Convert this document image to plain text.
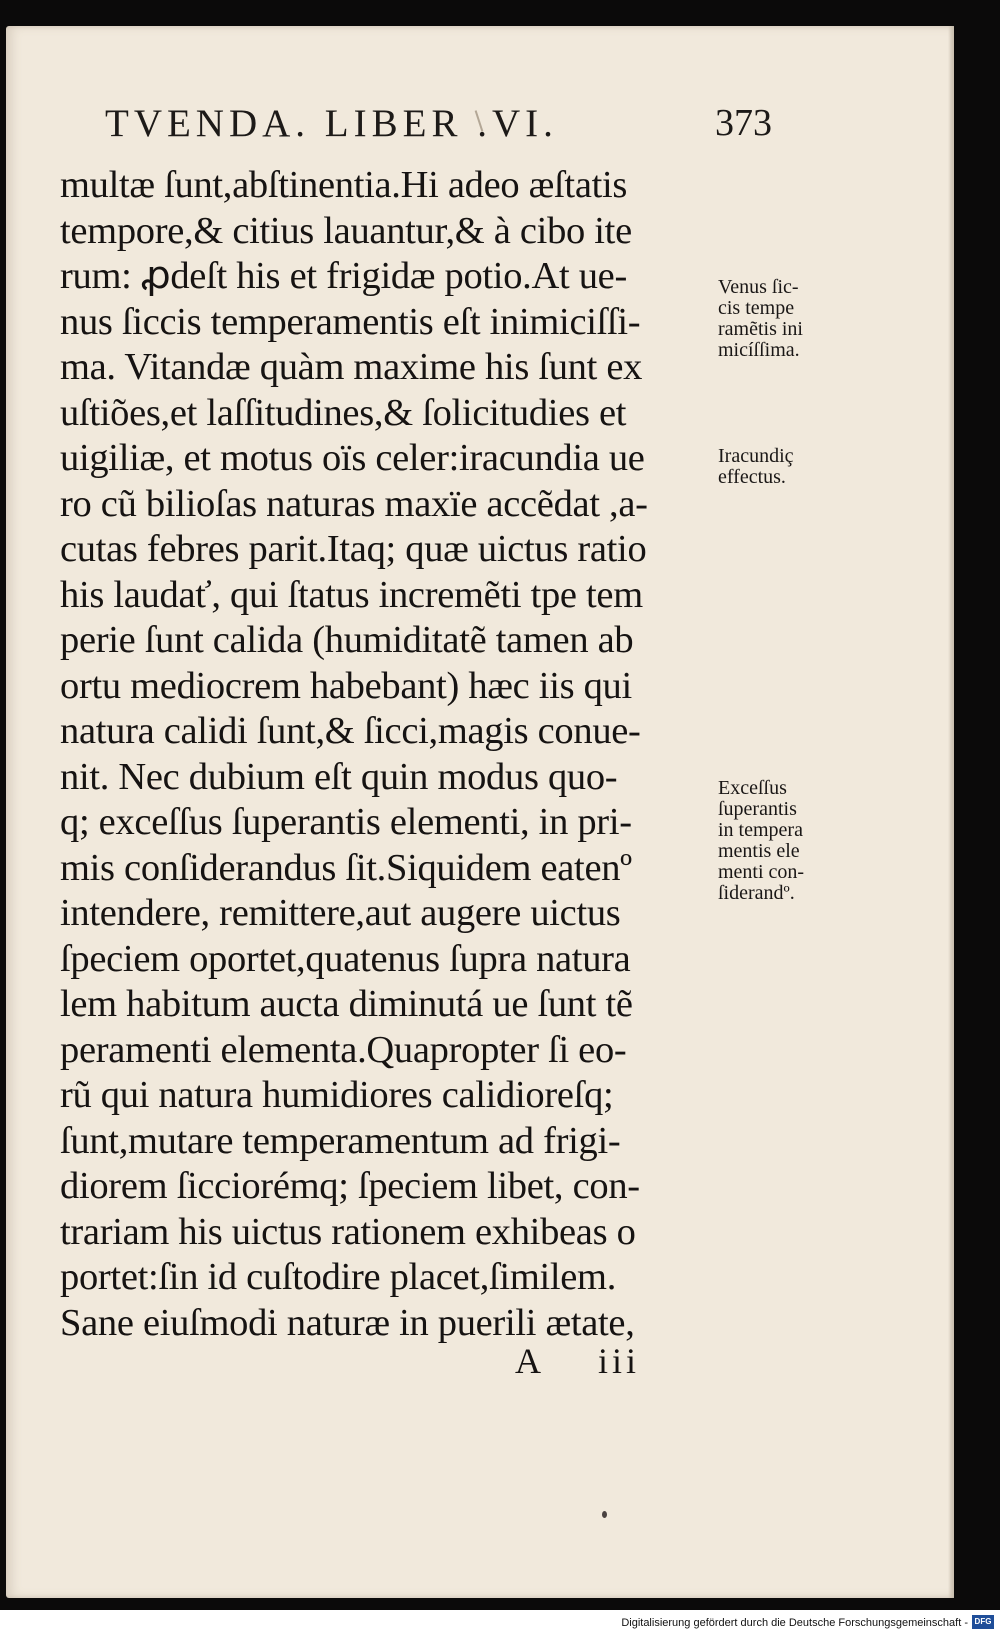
TVENDA. LIBER .VI.	373
multæ ſunt,abſtinentia.Hi adeo æſtatis
tempore,& citius lauantur,& à cibo ite
rum: ꝓdeſt his et frigidæ potio.At ue-
nus ſiccis temperamentis eſt inimiciſſi-
ma. Vitandæ quàm maxime his ſunt ex
uſtiões,et laſſitudines,& ſolicitudies et
uigiliæ, et motus oïs celer:iracundia ue
ro cũ bilioſas naturas maxïe accẽdat ,a-
cutas febres parit.Itaq; quæ uictus ratio
his laudať, qui ſtatus incremẽti tpe tem
perie ſunt calida (humiditatẽ tamen ab
ortu mediocrem habebant) hæc iis qui
natura calidi ſunt,& ſicci,magis conue-
nit. Nec dubium eſt quin modus quo-
q; exceſſus ſuperantis elementi, in pri-
mis conſiderandus ſit.Siquidem eatenº
intendere, remittere,aut augere uictus
ſpeciem oportet,quatenus ſupra natura
lem habitum aucta diminutá ue ſunt tẽ
peramenti elementa.Quapropter ſi eo-
rũ qui natura humidiores calidioreſq;
ſunt,mutare temperamentum ad frigi-
diorem ſicciorémq; ſpeciem libet, con-
trariam his uictus rationem exhibeas o
portet:ſin id cuſtodire placet,ſimilem.
Sane eiuſmodi naturæ in puerili ætate,
Venus ſic-
cis tempe
ramẽtis ini
micíſſima.
Iracundiç
effectus.
Exceſſus
ſuperantis
in tempera
mentis ele
menti con-
ſiderandº.
A iii
Digitalisierung gefördert durch die Deutsche Forschungsgemeinschaft - DFG
